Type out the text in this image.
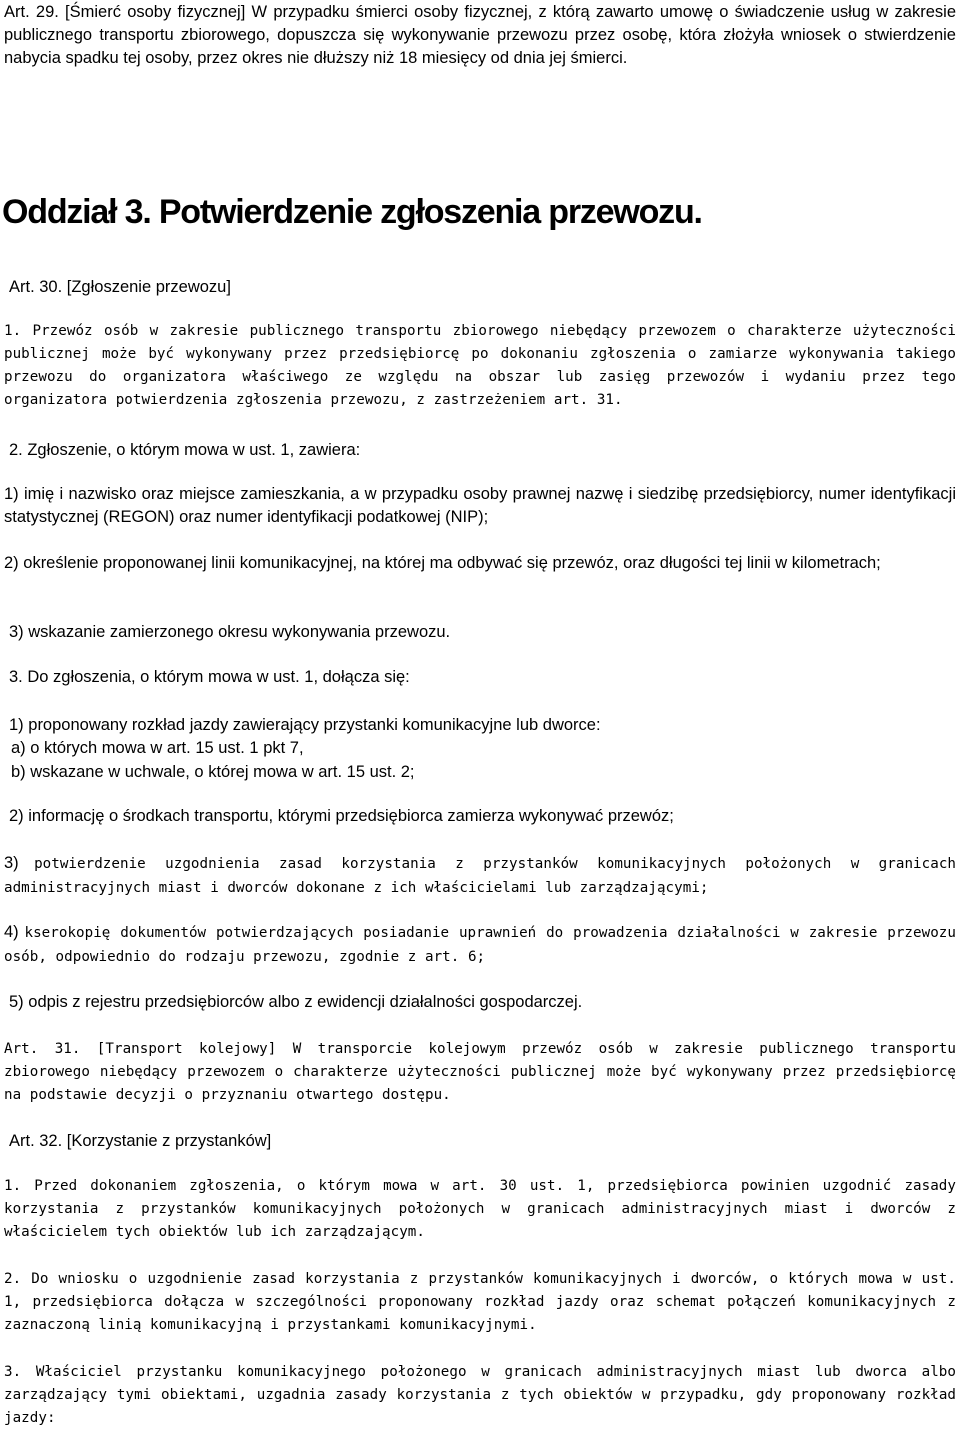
Art. 29. [Śmierć osoby fizycznej] W przypadku śmierci osoby fizycznej, z którą zawarto umowę o świadczenie usług w zakresie publicznego transportu zbiorowego, dopuszcza się wykonywanie przewozu przez osobę, która złożyła wniosek o stwierdzenie nabycia spadku tej osoby, przez okres nie dłuższy niż 18 miesięcy od dnia jej śmierci.

Oddział 3. Potwierdzenie zgłoszenia przewozu.

Art. 30. [Zgłoszenie przewozu]

1. Przewóz osób w zakresie publicznego transportu zbiorowego niebędący przewozem o charakterze użyteczności publicznej może być wykonywany przez przedsiębiorcę po dokonaniu zgłoszenia o zamiarze wykonywania takiego przewozu do organizatora właściwego ze względu na obszar lub zasięg przewozów i wydaniu przez tego organizatora potwierdzenia zgłoszenia przewozu, z zastrzeżeniem art. 31.

2. Zgłoszenie, o którym mowa w ust. 1, zawiera:

1) imię i nazwisko oraz miejsce zamieszkania, a w przypadku osoby prawnej nazwę i siedzibę przedsiębiorcy, numer identyfikacji statystycznej (REGON) oraz numer identyfikacji podatkowej (NIP);

2) określenie proponowanej linii komunikacyjnej, na której ma odbywać się przewóz, oraz długości tej linii w kilometrach;

3) wskazanie zamierzonego okresu wykonywania przewozu.

3. Do zgłoszenia, o którym mowa w ust. 1, dołącza się:

1) proponowany rozkład jazdy zawierający przystanki komunikacyjne lub dworce:

a) o których mowa w art. 15 ust. 1 pkt 7,

b) wskazane w uchwale, o której mowa w art. 15 ust. 2;

2) informację o środkach transportu, którymi przedsiębiorca zamierza wykonywać przewóz;

3) potwierdzenie uzgodnienia zasad korzystania z przystanków komunikacyjnych położonych w granicach administracyjnych miast i dworców dokonane z ich właścicielami lub zarządzającymi;

4) kserokopię dokumentów potwierdzających posiadanie uprawnień do prowadzenia działalności w zakresie przewozu osób, odpowiednio do rodzaju przewozu, zgodnie z art. 6;

5) odpis z rejestru przedsiębiorców albo z ewidencji działalności gospodarczej.

Art. 31. [Transport kolejowy] W transporcie kolejowym przewóz osób w zakresie publicznego transportu zbiorowego niebędący przewozem o charakterze użyteczności publicznej może być wykonywany przez przedsiębiorcę na podstawie decyzji o przyznaniu otwartego dostępu.

Art. 32. [Korzystanie z przystanków]

1. Przed dokonaniem zgłoszenia, o którym mowa w art. 30 ust. 1, przedsiębiorca powinien uzgodnić zasady korzystania z przystanków komunikacyjnych położonych w granicach administracyjnych miast i dworców z właścicielem tych obiektów lub ich zarządzającym.

2. Do wniosku o uzgodnienie zasad korzystania z przystanków komunikacyjnych i dworców, o których mowa w ust. 1, przedsiębiorca dołącza w szczególności proponowany rozkład jazdy oraz schemat połączeń komunikacyjnych z zaznaczoną linią komunikacyjną i przystankami komunikacyjnymi.

3. Właściciel przystanku komunikacyjnego położonego w granicach administracyjnych miast lub dworca albo zarządzający tymi obiektami, uzgadnia zasady korzystania z tych obiektów w przypadku, gdy proponowany rozkład jazdy:
